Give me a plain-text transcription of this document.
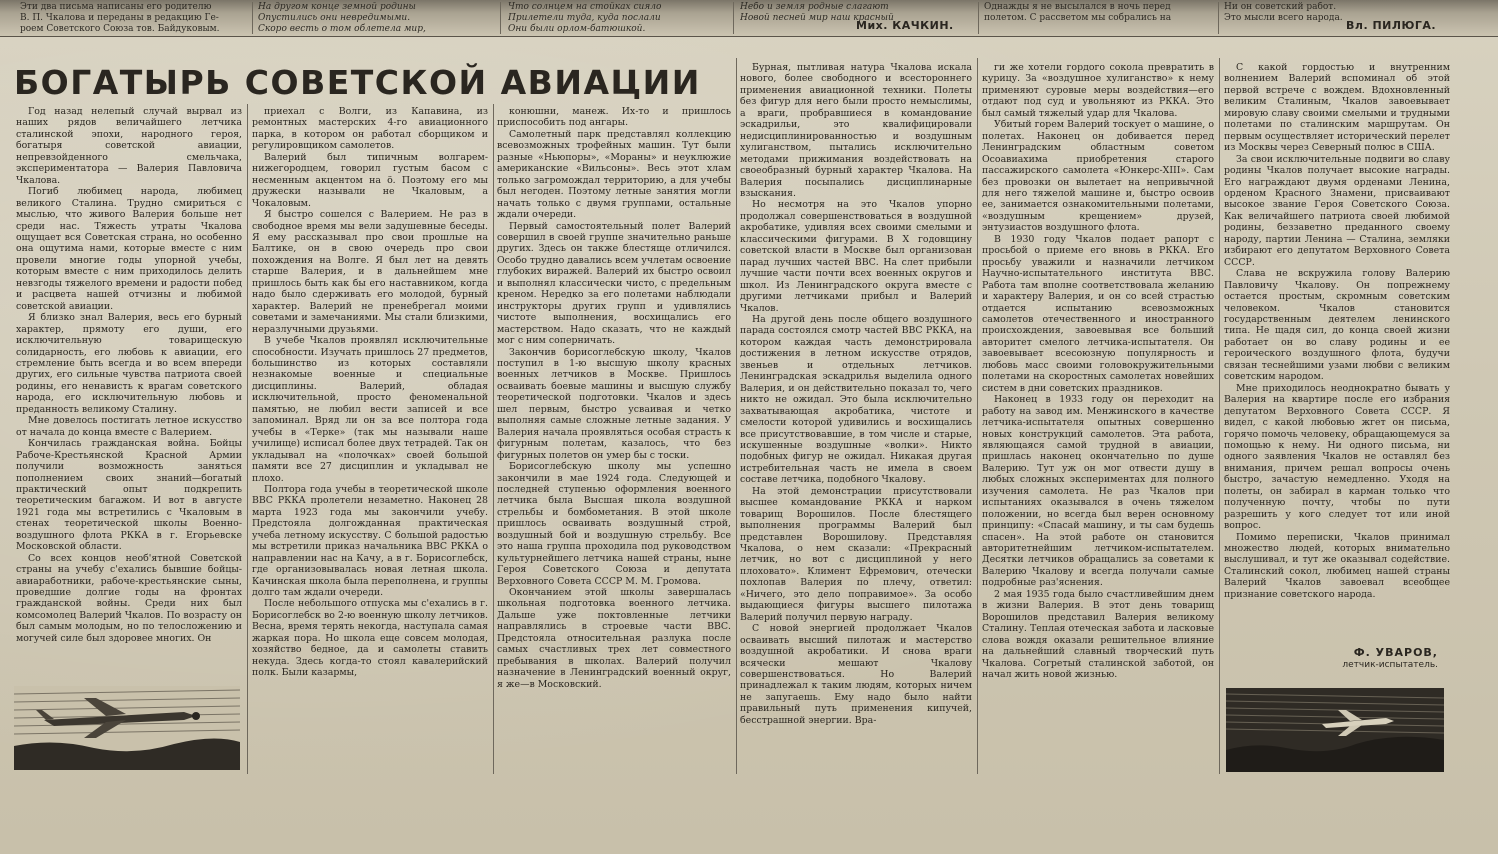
Эти два письма написаны его родителю
В. П. Чкалова и переданы в редакцию Ге-
роем Советского Союза тов. Байдуковым.
На другом конце земной родины
Опустились они невредимыми.
Скоро весть о том облетела мир,
Что солнцем на стойках сияло
Прилетели туда, куда послали
Они были орлом-батюшкой.
Небо и земля родные слагают
Новой песней мир наш красный
Мих. КАЧКИН.
Однажды я не высылался в ночь перед
полетом. С рассветом мы собрались на
Ни он советский работ.
Это мысли всего народа.
Вл. ПИЛЮГА.
БОГАТЫРЬ СОВЕТСКОЙ АВИАЦИИ

Год назад нелепый случай вырвал из наших рядов величайшего летчика сталинской эпохи, народного героя, богатыря советской авиации, непревзойденного смельчака, экспериментатора — Валерия Павловича Чкалова.

Погиб любимец народа, любимец великого Сталина. Трудно смириться с мыслью, что живого Валерия больше нет среди нас. Тяжесть утраты Чкалова ощущает вся Советская страна, но особенно она ощутима нами, которые вместе с ним провели многие годы упорной учебы, которым вместе с ним приходилось делить невзгоды тяжелого времени и радости побед и расцвета нашей отчизны и любимой советской авиации.

Я близко знал Валерия, весь его бурный характер, прямоту его души, его исключительную товарищескую солидарность, его любовь к авиации, его стремление быть всегда и во всем впереди других, его сильные чувства патриота своей родины, его ненависть к врагам советского народа, его исключительную любовь и преданность великому Сталину.

Мне довелось постигать летное искусство от начала до конца вместе с Валерием.

Кончилась гражданская война. Бойцы Рабоче-Крестьянской Красной Армии получили возможность заняться пополнением своих знаний—богатый практический опыт подкрепить теоретическим багажом. И вот в августе 1921 года мы встретились с Чкаловым в стенах теоретической школы Военно-воздушного флота РККА в г. Егорьевске Московской области.

Со всех концов необ'ятной Советской страны на учебу с'ехались бывшие бойцы-авиаработники, рабоче-крестьянские сыны, проведшие долгие годы на фронтах гражданской войны. Среди них был комсомолец Валерий Чкалов. По возрасту он был самым молодым, но по телосложению и могучей силе был здоровее многих. Он

приехал с Волги, из Капавина, из ремонтных мастерских 4-го авиационного парка, в котором он работал сборщиком и регулировщиком самолетов.

Валерий был типичным волгарем-нижегородцем, говорил густым басом с несменным акцентом на ö. Поэтому его мы дружески называли не Чкаловым, а Чокаловым.

Я быстро сошелся с Валерием. Не раз в свободное время мы вели задушевные беседы. Я ему рассказывал про свои прошлые на Балтике, он в свою очередь про свои похождения на Волге. Я был лет на девять старше Валерия, и в дальнейшем мне пришлось быть как бы его наставником, когда надо было сдерживать его молодой, бурный характер. Валерий не пренебрегал моими советами и замечаниями. Мы стали близкими, неразлучными друзьями.

В учебе Чкалов проявлял исключительные способности. Изучать пришлось 27 предметов, большинство из которых составляли незнакомые военные и специальные дисциплины. Валерий, обладая исключительной, просто феноменальной памятью, не любил вести записей и все запоминал. Вряд ли он за все полтора года учебы в «Терке» (так мы называли наше училище) исписал более двух тетрадей. Так он укладывал на «полочках» своей большой памяти все 27 дисциплин и укладывал не плохо.

Полтора года учебы в теоретической школе ВВС РККА пролетели незаметно. Наконец 28 марта 1923 года мы закончили учебу. Предстояла долгожданная практическая учеба летному искусству. С большой радостью мы встретили приказ начальника ВВС РККА о направлении нас на Качу, а в г. Борисоглебск, где организовывалась новая летная школа. Качинская школа была переполнена, и группы долго там ждали очереди.

После небольшого отпуска мы с'ехались в г. Борисоглебск во 2-ю военную школу летчиков. Весна, время терять некогда, наступала самая жаркая пора. Но школа еще совсем молодая, хозяйство бедное, да и самолеты ставить некуда. Здесь когда-то стоял кавалерийский полк. Были казармы,

конюшни, манеж. Их-то и пришлось приспособить под ангары.

Самолетный парк представлял коллекцию всевозможных трофейных машин. Тут были разные «Ньюпоры», «Мораны» и неуклюжие американские «Вильсоны». Весь этот хлам только загромождал территорию, а для учебы был негоден. Поэтому летные занятия могли начать только с двумя группами, остальные ждали очереди.

Первый самостоятельный полет Валерий совершил в своей группе значительно раньше других. Здесь он также блестяще отличился. Особо трудно давались всем учлетам освоение глубоких виражей. Валерий их быстро освоил и выполнял классически чисто, с предельным креном. Нередко за его полетами наблюдали инструкторы других групп и удивлялись чистоте выполнения, восхищались его мастерством. Надо сказать, что не каждый мог с ним соперничать.

Закончив борисоглебскую школу, Чкалов поступил в 1-ю высшую школу красных военных летчиков в Москве. Пришлось осваивать боевые машины и высшую службу теоретической подготовки. Чкалов и здесь шел первым, быстро усваивая и четко выполняя самые сложные летные задания. У Валерия начала проявляться особая страсть к фигурным полетам, казалось, что без фигурных полетов он умер бы с тоски.

Борисоглебскую школу мы успешно закончили в мае 1924 года. Следующей и последней ступенью оформления военного летчика была Высшая школа воздушной стрельбы и бомбометания. В этой школе пришлось осваивать воздушный строй, воздушный бой и воздушную стрельбу. Все это наша группа проходила под руководством культурнейшего летчика нашей страны, ныне Героя Советского Союза и депутата Верховного Совета СССР М. М. Громова.

Окончанием этой школы завершалась школьная подготовка военного летчика. Дальше уже поктовленные летчики направлялись в строевые части ВВС. Предстояла относительная разлука после самых счастливых трех лет совместного пребывания в школах. Валерий получил назначение в Ленинградский военный округ, я же—в Московский.

Бурная, пытливая натура Чкалова искала нового, более свободного и всестороннего применения авиационной техники. Полеты без фигур для него были просто немыслимы, а враги, пробравшиеся в командование эскадрильи, это квалифицировали недисциплинированностью и воздушным хулиганством, пытались исключительно методами прижимания воздействовать на своеобразный бурный характер Чкалова. На Валерия посыпались дисциплинарные взыскания.

Но несмотря на это Чкалов упорно продолжал совершенствоваться в воздушной акробатике, удивляя всех своими смелыми и классическими фигурами. В X годовщину советской власти в Москве был организован парад лучших частей ВВС. На слет прибыли лучшие части почти всех военных округов и школ. Из Ленинградского округа вместе с другими летчиками прибыл и Валерий Чкалов.

На другой день после общего воздушного парада состоялся смотр частей ВВС РККА, на котором каждая часть демонстрировала достижения в летном искусстве отрядов, звеньев и отдельных летчиков. Ленинградская эскадрилья выделила одного Валерия, и он действительно показал то, чего никто не ожидал. Это была исключительно захватывающая акробатика, чистоте и смелости которой удивились и восхищались все присутствовавшие, в том числе и старые, искушенные воздушные «волки». Никто подобных фигур не ожидал. Никакая другая истребительная часть не имела в своем составе летчика, подобного Чкалову.

На этой демонстрации присутствовали высшее командование РККА и нарком товарищ Ворошилов. После блестящего выполнения программы Валерий был представлен Ворошилову. Представляя Чкалова, о нем сказали: «Прекрасный летчик, но вот с дисциплиной у него плоховато». Климент Ефремович, отечески похлопав Валерия по плечу, ответил: «Ничего, это дело поправимое». За особо выдающиеся фигуры высшего пилотажа Валерий получил первую награду.

С новой энергией продолжает Чкалов осваивать высший пилотаж и мастерство воздушной акробатики. И снова враги всячески мешают Чкалову совершенствоваться. Но Валерий принадлежал к таким людям, которых ничем не запугаешь. Ему надо было найти правильный путь применения кипучей, бесстрашной энергии. Вра-

ги же хотели гордого сокола превратить в курицу. За «воздушное хулиганство» к нему применяют суровые меры воздействия—его отдают под суд и увольняют из РККА. Это был самый тяжелый удар для Чкалова.

Убитый горем Валерий тоскует о машине, о полетах. Наконец он добивается перед Ленинградским областным советом Осоавиахима приобретения старого пассажирского самолета «Юнкерс-XIII». Сам без провозки он вылетает на непривычной для него тяжелой машине и, быстро освоив ее, занимается ознакомительными полетами, «воздушным крещением» друзей, энтузиастов воздушного флота.

В 1930 году Чкалов подает рапорт с просьбой о приеме его вновь в РККА. Его просьбу уважили и назначили летчиком Научно-испытательного института ВВС. Работа там вполне соответствовала желанию и характеру Валерия, и он со всей страстью отдается испытанию всевозможных самолетов отечественного и иностранного происхождения, завоевывая все больший авторитет смелого летчика-испытателя. Он завоевывает всесоюзную популярность и любовь масс своими головокружительными полетами на скоростных самолетах новейших систем в дни советских праздников.

Наконец в 1933 году он переходит на работу на завод им. Менжинского в качестве летчика-испытателя опытных совершенно новых конструкций самолетов. Эта работа, являющаяся самой трудной в авиации, пришлась наконец окончательно по душе Валерию. Тут уж он мог отвести душу в любых сложных экспериментах для полного изучения самолета. Не раз Чкалов при испытаниях оказывался в очень тяжелом положении, но всегда был верен основному принципу: «Спасай машину, и ты сам будешь спасен». На этой работе он становится авторитетнейшим летчиком-испытателем. Десятки летчиков обращались за советами к Валерию Чкалову и всегда получали самые подробные раз'яснения.

2 мая 1935 года было счастливейшим днем в жизни Валерия. В этот день товарищ Ворошилов представил Валерия великому Сталину. Теплая отеческая забота и ласковые слова вождя оказали решительное влияние на дальнейший славный творческий путь Чкалова. Согретый сталинской заботой, он начал жить новой жизнью.

С какой гордостью и внутренним волнением Валерий вспоминал об этой первой встрече с вождем. Вдохновленный великим Сталиным, Чкалов завоевывает мировую славу своими смелыми и трудными полетами по сталинским маршрутам. Он первым осуществляет исторический перелет из Москвы через Северный полюс в США.

За свои исключительные подвиги во славу родины Чкалов получает высокие награды. Его награждают двумя орденами Ленина, орденом Красного Знамени, присваивают высокое звание Героя Советского Союза. Как величайшего патриота своей любимой родины, беззаветно преданного своему народу, партии Ленина — Сталина, земляки избирают его депутатом Верховного Совета СССР.

Слава не вскружила голову Валерию Павловичу Чкалову. Он попрежнему остается простым, скромным советским человеком. Чкалов становится государственным деятелем ленинского типа. Не щадя сил, до конца своей жизни работает он во славу родины и ее героического воздушного флота, будучи связан теснейшими узами любви с великим советским народом.

Мне приходилось неоднократно бывать у Валерия на квартире после его избрания депутатом Верховного Совета СССР. Я видел, с какой любовью жгет он письма, горячо помочь человеку, обращающемуся за помощью к нему. Ни одного письма, ни одного заявления Чкалов не оставлял без внимания, причем решал вопросы очень быстро, зачастую немедленно. Уходя на полеты, он забирал в карман только что полученную почту, чтобы по пути разрешить у кого следует тот или иной вопрос.

Помимо переписки, Чкалов принимал множество людей, которых внимательно выслушивал, и тут же оказывал содействие. Сталинский сокол, любимец нашей страны Валерий Чкалов завоевал всеобщее признание советского народа.

Ф. УВАРОВ,
летчик-испытатель.
